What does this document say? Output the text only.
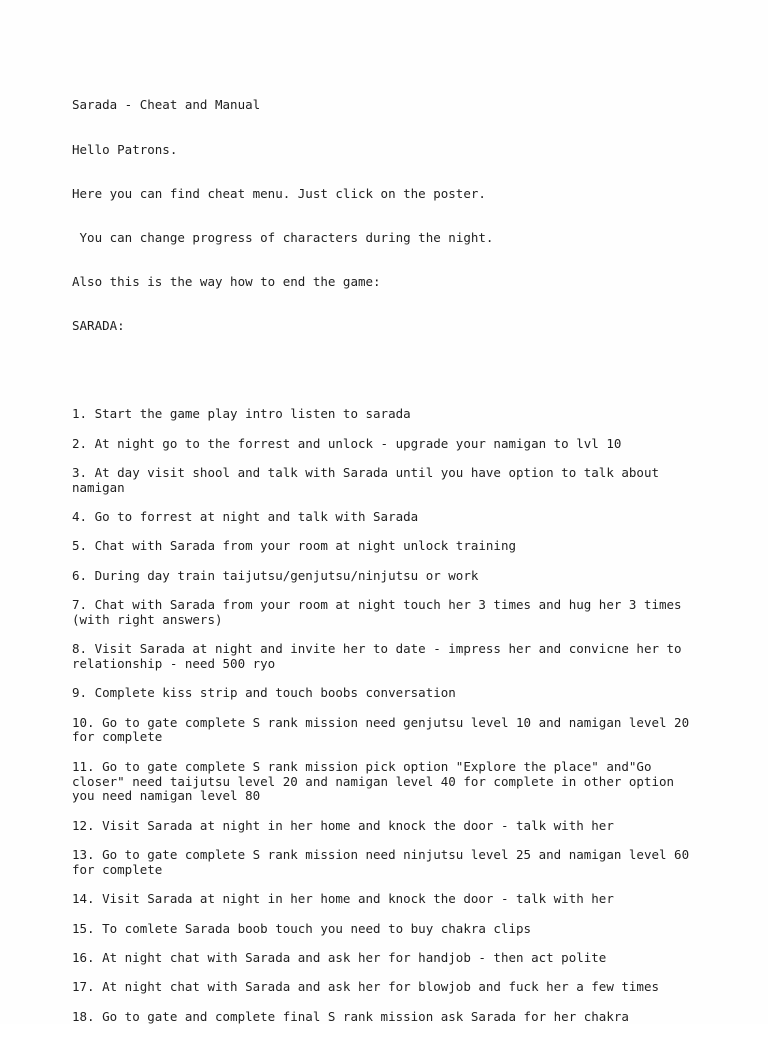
Sarada - Cheat and Manual

Hello Patrons.

Here you can find cheat menu. Just click on the poster.

You can change progress of characters during the night.

Also this is the way how to end the game:

SARADA:

1. Start the game play intro listen to sarada

2. At night go to the forrest and unlock - upgrade your namigan to lvl 10

3. At day visit shool and talk with Sarada until you have option to talk about namigan

4. Go to forrest at night and talk with Sarada

5. Chat with Sarada from your room at night unlock training

6. During day train taijutsu/genjutsu/ninjutsu or work

7. Chat with Sarada from your room at night touch her 3 times and hug her 3 times (with right answers)

8. Visit Sarada at night and invite her to date - impress her and convicne her to relationship - need 500 ryo

9. Complete kiss strip and touch boobs conversation

10. Go to gate complete S rank mission need genjutsu level 10 and namigan level 20 for complete

11. Go to gate complete S rank mission pick option "Explore the place" and"Go closer" need taijutsu level 20 and namigan level 40 for complete in other option you need namigan level 80

12. Visit Sarada at night in her home and knock the door - talk with her

13. Go to gate complete S rank mission need ninjutsu level 25 and namigan level 60 for complete

14. Visit Sarada at night in her home and knock the door - talk with her

15. To comlete Sarada boob touch you need to buy chakra clips

16. At night chat with Sarada and ask her for handjob - then act polite

17. At night chat with Sarada and ask her for blowjob and fuck her a few times

18. Go to gate and complete final S rank mission ask Sarada for her chakra
